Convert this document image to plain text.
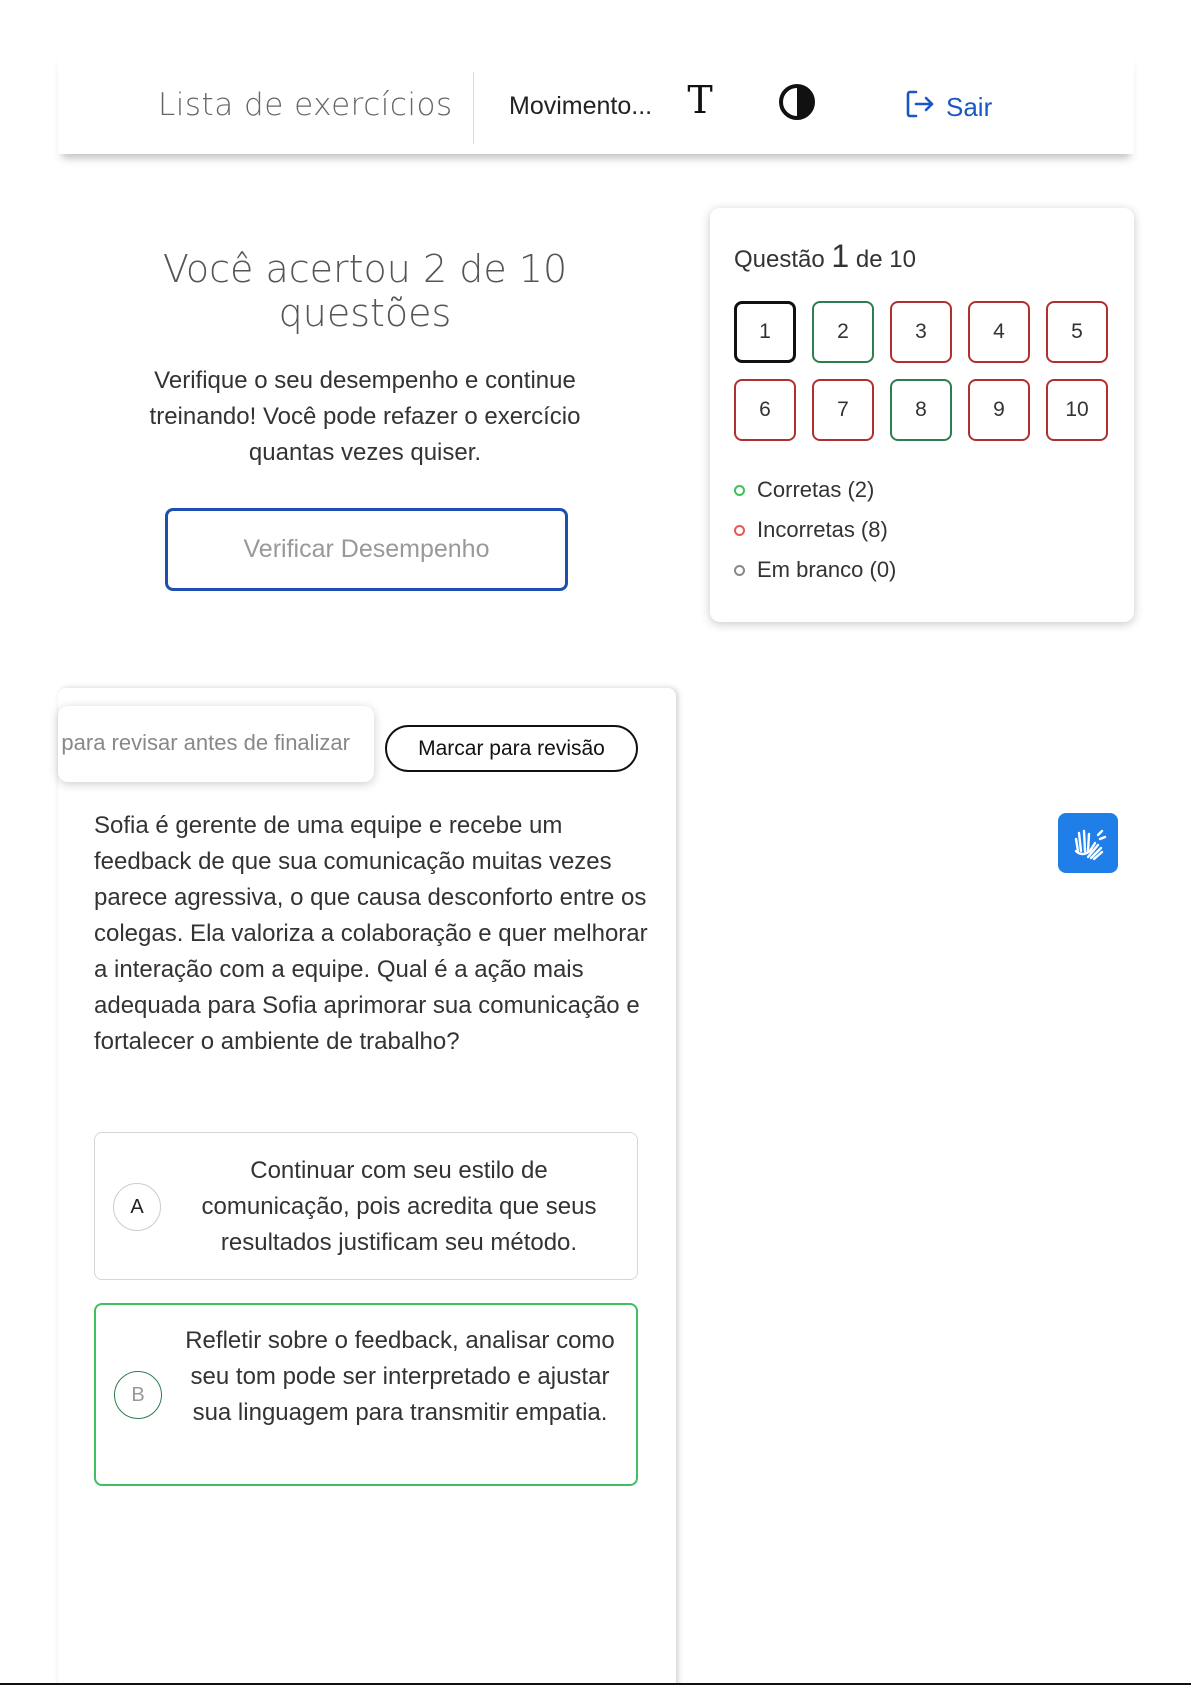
Lista de exercícios Movimento... T	Sair
Você acertou 2 de 10 questões
Verifique o seu desempenho e continue treinando! Você pode refazer o exercício quantas vezes quiser.
Verificar Desempenho
Questão 1 de 10
1	2	3	4	5
6	7	8	9	10
Corretas (2)
Incorretas (8)
Em branco (0)
para revisar antes de finalizar	Marcar para revisão
Sofia é gerente de uma equipe e recebe um feedback de que sua comunicação muitas vezes parece agressiva, o que causa desconforto entre os colegas. Ela valoriza a colaboração e quer melhorar a interação com a equipe. Qual é a ação mais adequada para Sofia aprimorar sua comunicação e fortalecer o ambiente de trabalho?
A
Continuar com seu estilo de comunicação, pois acredita que seus resultados justificam seu método.
B
Refletir sobre o feedback, analisar como seu tom pode ser interpretado e ajustar sua linguagem para transmitir empatia.
